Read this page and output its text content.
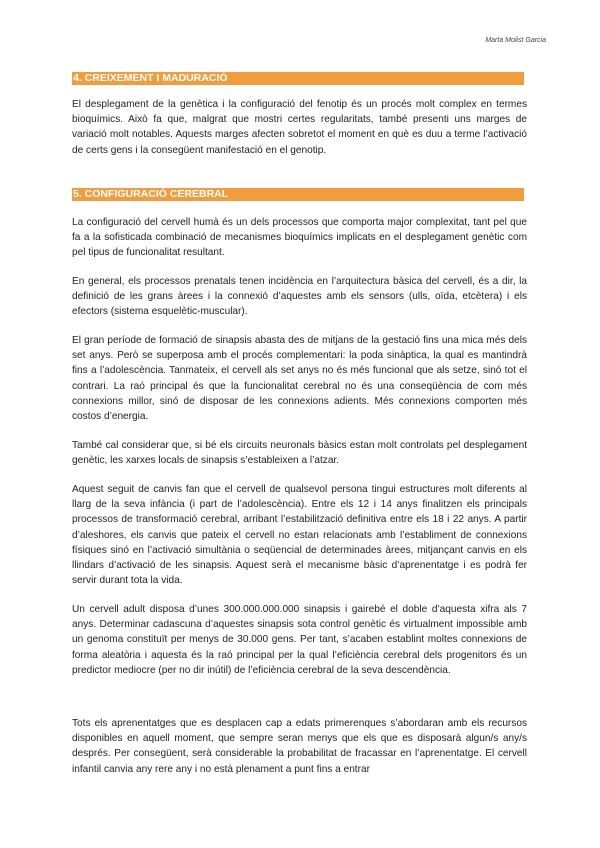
Marta Molist Garcia
4. CREIXEMENT I MADURACIÓ

El desplegament de la genètica i la configuració del fenotip és un procés molt complex en termes bioquímics. Això fa que, malgrat que mostri certes regularitats, també presenti uns marges de variació molt notables. Aquests marges afecten sobretot el moment en què es duu a terme l’activació de certs gens i la consegüent manifestació en el genotip.

5. CONFIGURACIÓ CEREBRAL

La configuració del cervell humà és un dels processos que comporta major complexitat, tant pel que fa a la sofisticada combinació de mecanismes bioquímics implicats en el desplegament genètic com pel tipus de funcionalitat resultant.

En general, els processos prenatals tenen incidència en l’arquitectura bàsica del cervell, és a dir, la definició de les grans àrees i la connexió d’aquestes amb els sensors (ulls, oïda, etcètera) i els efectors (sistema esquelètic-muscular).

El gran període de formació de sinapsis abasta des de mitjans de la gestació fins una mica més dels set anys. Però se superposa amb el procés complementari: la poda sinàptica, la qual es mantindrà fins a l’adolescència. Tanmateix, el cervell als set anys no és més funcional que als setze, sinó tot el contrari. La raó principal és que la funcionalitat cerebral no és una conseqüència de com més connexions millor, sinó de disposar de les connexions adients. Més connexions comporten més costos d’energia.

També cal considerar que, si bé els circuits neuronals bàsics estan molt controlats pel desplegament genètic, les xarxes locals de sinapsis s’estableixen a l’atzar.

Aquest seguit de canvis fan que el cervell de qualsevol persona tingui estructures molt diferents al llarg de la seva infància (i part de l’adolescència). Entre els 12 i 14 anys finalitzen els principals processos de transformació cerebral, arribant l’estabilització definitiva entre els 18 i 22 anys. A partir d’aleshores, els canvis que pateix el cervell no estan relacionats amb l’establiment de connexions físiques sinó en l’activació simultània o seqüencial de determinades àrees, mitjançant canvis en els llindars d’activació de les sinapsis. Aquest serà el mecanisme bàsic d’aprenentatge i es podrà fer servir durant tota la vida.

Un cervell adult disposa d’unes 300.000.000.000 sinapsis i gairebé el doble d’aquesta xifra als 7 anys. Determinar cadascuna d’aquestes sinapsis sota control genètic és virtualment impossible amb un genoma constituït per menys de 30.000 gens. Per tant, s’acaben establint moltes connexions de forma aleatòria i aquesta és la raó principal per la qual l’eficiència cerebral dels progenitors és un predictor mediocre (per no dir inútil) de l’eficiència cerebral de la seva descendència.

Tots els aprenentatges que es desplacen cap a edats primerenques s’abordaran amb els recursos disponibles en aquell moment, que sempre seran menys que els que es disposarà algun/s any/s després. Per consegüent, serà considerable la probabilitat de fracassar en l’aprenentatge. El cervell infantil canvia any rere any i no està plenament a punt fins a entrar
